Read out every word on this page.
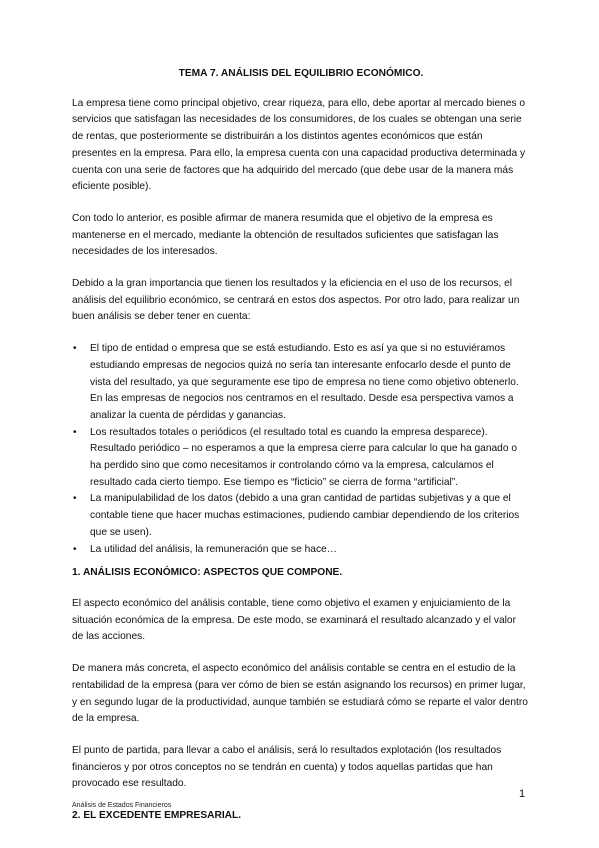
TEMA 7. ANÁLISIS DEL EQUILIBRIO ECONÓMICO.

La empresa tiene como principal objetivo, crear riqueza, para ello, debe aportar al mercado bienes o servicios que satisfagan las necesidades de los consumidores, de los cuales se obtengan una serie de rentas, que posteriormente se distribuirán a los distintos agentes económicos que están presentes en la empresa. Para ello, la empresa cuenta con una capacidad productiva determinada y cuenta con una serie de factores que ha adquirido del mercado (que debe usar de la manera más eficiente posible).

Con todo lo anterior, es posible afirmar de manera resumida que el objetivo de la empresa es mantenerse en el mercado, mediante la obtención de resultados suficientes que satisfagan las necesidades de los interesados.

Debido a la gran importancia que tienen los resultados y la eficiencia en el uso de los recursos, el análisis del equilibrio económico, se centrará en estos dos aspectos. Por otro lado, para realizar un buen análisis se deber tener en cuenta:

• El tipo de entidad o empresa que se está estudiando. Esto es así ya que si no estuviéramos estudiando empresas de negocios quizá no sería tan interesante enfocarlo desde el punto de vista del resultado, ya que seguramente ese tipo de empresa no tiene como objetivo obtenerlo. En las empresas de negocios nos centramos en el resultado. Desde esa perspectiva vamos a analizar la cuenta de pérdidas y ganancias.
• Los resultados totales o periódicos (el resultado total es cuando la empresa desparece). Resultado periódico – no esperamos a que la empresa cierre para calcular lo que ha ganado o ha perdido sino que como necesitamos ir controlando cómo va la empresa, calculamos el resultado cada cierto tiempo. Ese tiempo es “ficticio” se cierra de forma “artificial”.
• La manipulabilidad de los datos (debido a una gran cantidad de partidas subjetivas y a que el contable tiene que hacer muchas estimaciones, pudiendo cambiar dependiendo de los criterios que se usen).
• La utilidad del análisis, la remuneración que se hace…
1. ANÁLISIS ECONÓMICO: ASPECTOS QUE COMPONE.

El aspecto económico del análisis contable, tiene como objetivo el examen y enjuiciamiento de la situación económica de la empresa. De este modo, se examinará el resultado alcanzado y el valor de las acciones.

De manera más concreta, el aspecto económico del análisis contable se centra en el estudio de la rentabilidad de la empresa (para ver cómo de bien se están asignando los recursos) en primer lugar, y en segundo lugar de la productividad, aunque también se estudiará cómo se reparte el valor dentro de la empresa.

El punto de partida, para llevar a cabo el análisis, será lo resultados explotación (los resultados financieros y por otros conceptos no se tendrán en cuenta) y todos aquellas partidas que han provocado ese resultado.

2. EL EXCEDENTE EMPRESARIAL.
1
Análisis de Estados Financieros
